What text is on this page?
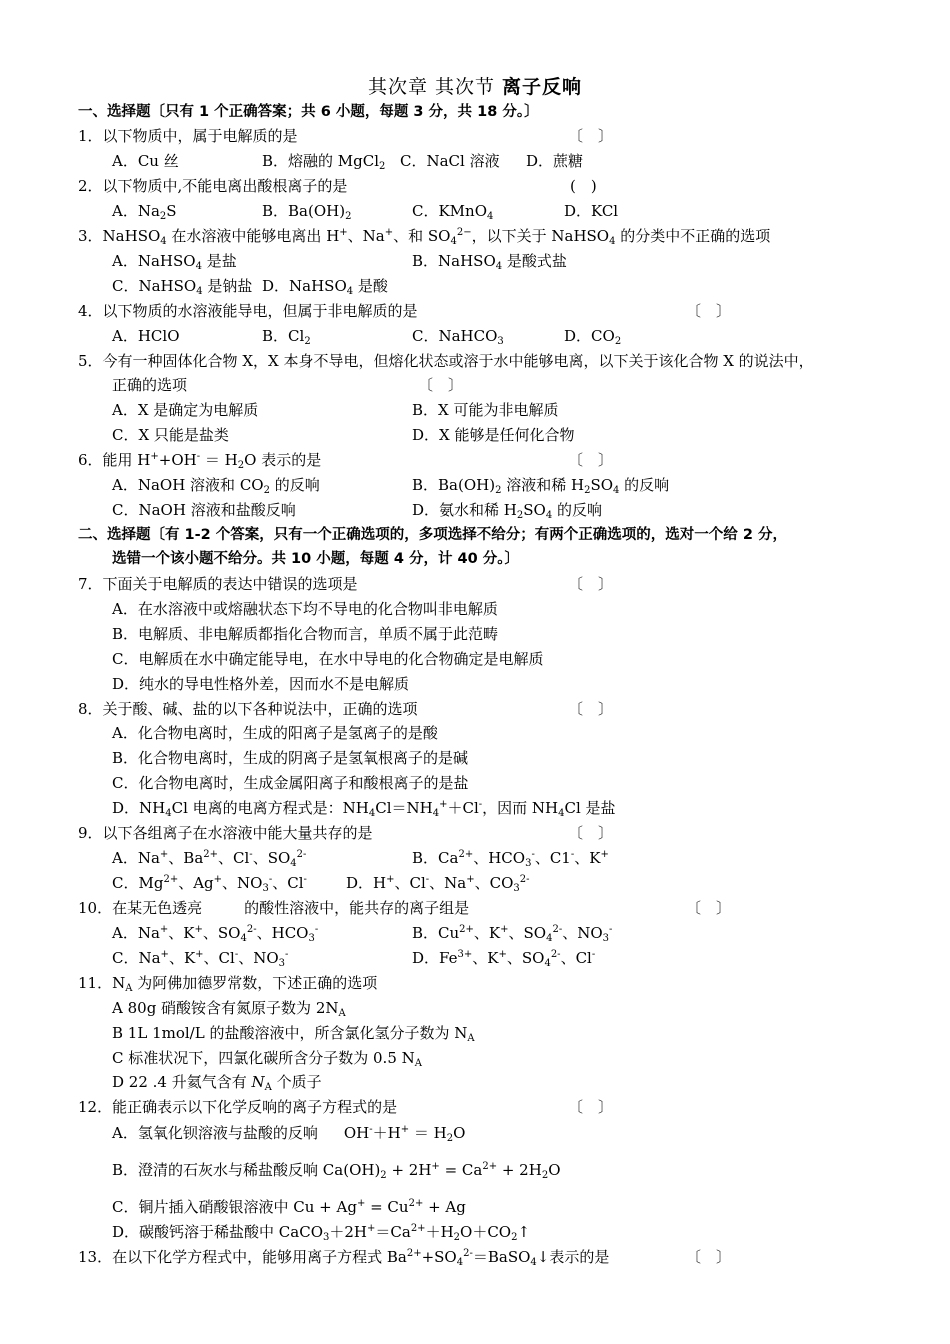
其次章 其次节 离子反响
一、选择题〔只有 1 个正确答案；共 6 小题，每题 3 分，共 18 分。〕
1．以下物质中，属于电解质的是	〔　〕
A．Cu 丝	B．熔融的 MgCl$_2$ C．NaCl 溶液 D．蔗糖
2．以下物质中,不能电离出酸根离子的是	(　)
A．$Na_2S$	B．$Ba(OH)_2$	C．KMnO$_4$	D．KCl
3．NaHSO$_4$ 在水溶液中能够电离出 H+、Na+、和 $SO_4^{2-}$，以下关于 NaHSO$_4$ 的分类中不正确的选项
A．NaHSO$_4$ 是盐	B．NaHSO$_4$ 是酸式盐
C．NaHSO$_4$ 是钠盐 D．NaHSO$_4$ 是酸
4．以下物质的水溶液能导电，但属于非电解质的是	〔　〕
A．HClO	B．$Cl_2$	C．NaHCO$_3$	D．$CO_2$
5．今有一种固体化合物 X，X 本身不导电，但熔化状态或溶于水中能够电离，以下关于该化合物 X 的说法中，
正确的选项	〔　〕
A．X 是确定为电解质	B．X 可能为非电解质
C．X 只能是盐类	D．X 能够是任何化合物
6．能用 $H^++OH^- = H_2O$ 表示的是	〔　〕
A．NaOH 溶液和 $CO_2$ 的反响	B．$Ba(OH)_2$ 溶液和稀 $H_2SO_4$ 的反响
C．NaOH 溶液和盐酸反响	D．氨水和稀 $H_2SO_4$ 的反响
二、选择题〔有 1-2 个答案，只有一个正确选项的，多项选择不给分；有两个正确选项的，选对一个给 2 分，
选错一个该小题不给分。共 10 小题，每题 4 分，计 40 分。〕
7．下面关于电解质的表达中错误的选项是	〔　〕
A．在水溶液中或熔融状态下均不导电的化合物叫非电解质
B．电解质、非电解质都指化合物而言，单质不属于此范畴
C．电解质在水中确定能导电，在水中导电的化合物确定是电解质
D．纯水的导电性格外差，因而水不是电解质
8．关于酸、碱、盐的以下各种说法中，正确的选项	〔　〕
A．化合物电离时，生成的阳离子是氢离子的是酸
B．化合物电离时，生成的阴离子是氢氧根离子的是碱
C．化合物电离时，生成金属阳离子和酸根离子的是盐
D．$NH_4Cl$ 电离的电离方程式是：$NH_4Cl=NH_4^++Cl^-$，因而 $NH_4Cl$ 是盐
9．以下各组离子在水溶液中能大量共存的是	〔　〕
A．Na+、$Ba^{2+}$、Cl-、$SO_4^{2-}$	B．$Ca^{2+}$、$HCO_3^-$、C1-、K+
C．$Mg^{2+}$、Ag+、$NO_3^-$、Cl-	D．H+、Cl-、Na+、$CO_3^{2-}$
10．在某无色透亮	的酸性溶液中，能共存的离子组是	〔　〕
A．Na+、K+、$SO_4^{2-}$、$HCO_3^-$	B．$Cu^{2+}$、K+、$SO_4^{2-}$、$NO_3^-$
C．Na+、K+、Cl-、$NO_3^-$	D．$Fe^{3+}$、K+、$SO_4^{2-}$、Cl-
11．$N_A$ 为阿佛加德罗常数，下述正确的选项
A 80g 硝酸铵含有氮原子数为 $2N_A$
B 1L 1mol/L 的盐酸溶液中，所含氯化氢分子数为 $N_A$
C 标准状况下，四氯化碳所含分子数为 0.5 $N_A$
D 22 .4 升氦气含有 $N_A$ 个质子
12．能正确表示以下化学反响的离子方程式的是	〔　〕
A．氢氧化钡溶液与盐酸的反响 $OH^-+H^+ = H_2O$
B．澄清的石灰水与稀盐酸反响 $Ca(OH)_2 + 2H^+ = Ca^{2+} + 2H_2O$
C．铜片插入硝酸银溶液中 $Cu + Ag^+ = Cu^{2+} + Ag$
D．碳酸钙溶于稀盐酸中 $CaCO_3+2H^+=Ca^{2+}+H_2O+CO_2↑$
13．在以下化学方程式中，能够用离子方程式 $Ba^{2+}+SO_4^{2-}=BaSO_4↓$表示的是	〔　〕
